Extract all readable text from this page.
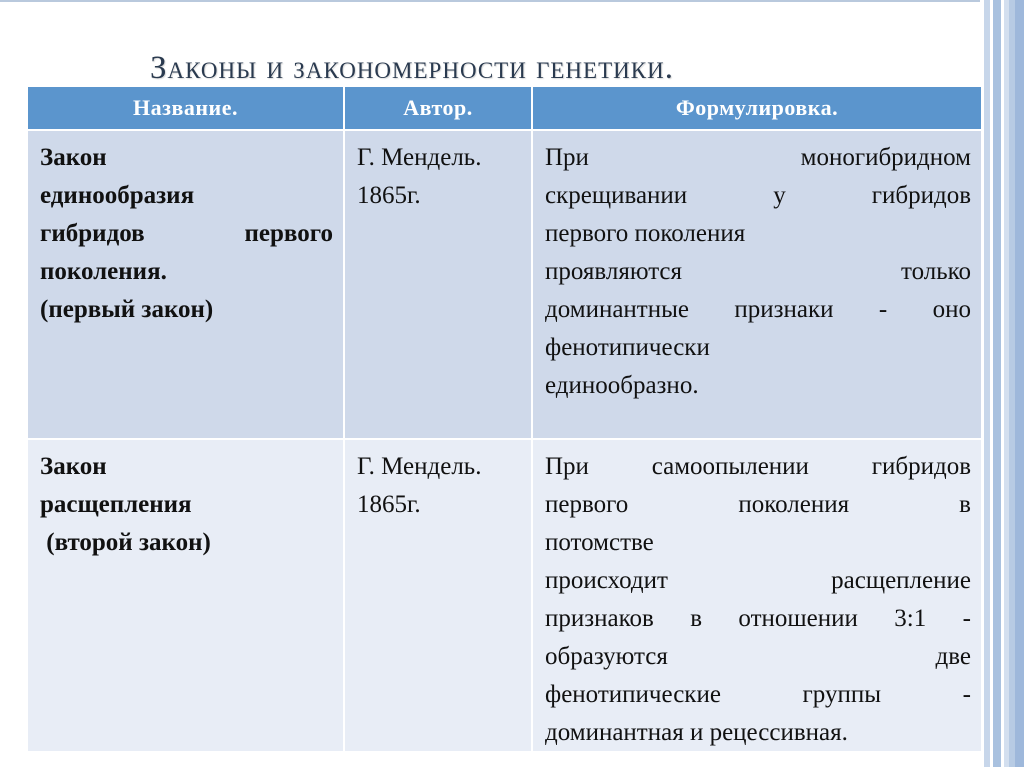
Законы и закономерности генетики.
Название.	Автор.	Формулировка.
Закон
единообразия
гибридов первого
поколения.
(первый закон)
Г. Мендель.
1865г.
При моногибридном
скрещивании у гибридов
первого поколения
проявляются только
доминантные признаки - оно
фенотипически
единообразно.
Закон
расщепления
(второй закон)
Г. Мендель.
1865г.
При самоопылении гибридов
первого поколения в
потомстве
происходит расщепление
признаков в отношении 3:1 -
образуются две
фенотипические группы -
доминантная и рецессивная.
